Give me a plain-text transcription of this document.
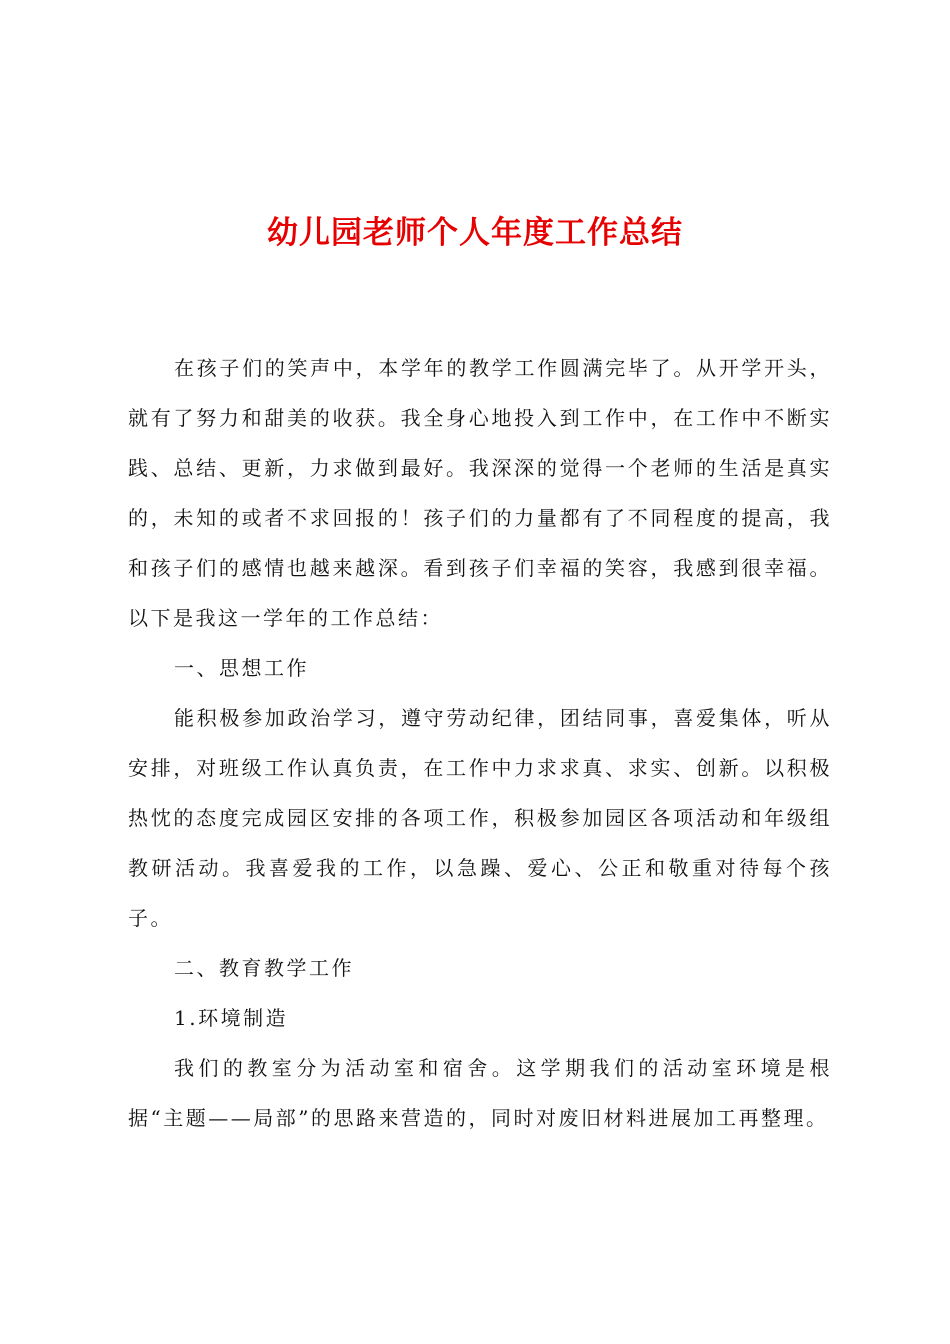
幼儿园老师个人年度工作总结

在孩子们的笑声中，本学年的教学工作圆满完毕了。从开学开头，就有了努力和甜美的收获。我全身心地投入到工作中，在工作中不断实践、总结、更新，力求做到最好。我深深的觉得一个老师的生活是真实的，未知的或者不求回报的！孩子们的力量都有了不同程度的提高，我和孩子们的感情也越来越深。看到孩子们幸福的笑容，我感到很幸福。以下是我这一学年的工作总结：

一、思想工作

能积极参加政治学习，遵守劳动纪律，团结同事，喜爱集体，听从安排，对班级工作认真负责，在工作中力求求真、求实、创新。以积极热忱的态度完成园区安排的各项工作，积极参加园区各项活动和年级组教研活动。我喜爱我的工作，以急躁、爱心、公正和敬重对待每个孩子。

二、教育教学工作

1.环境制造

我们的教室分为活动室和宿舍。这学期我们的活动室环境是根据“主题——局部”的思路来营造的，同时对废旧材料进展加工再整理。
